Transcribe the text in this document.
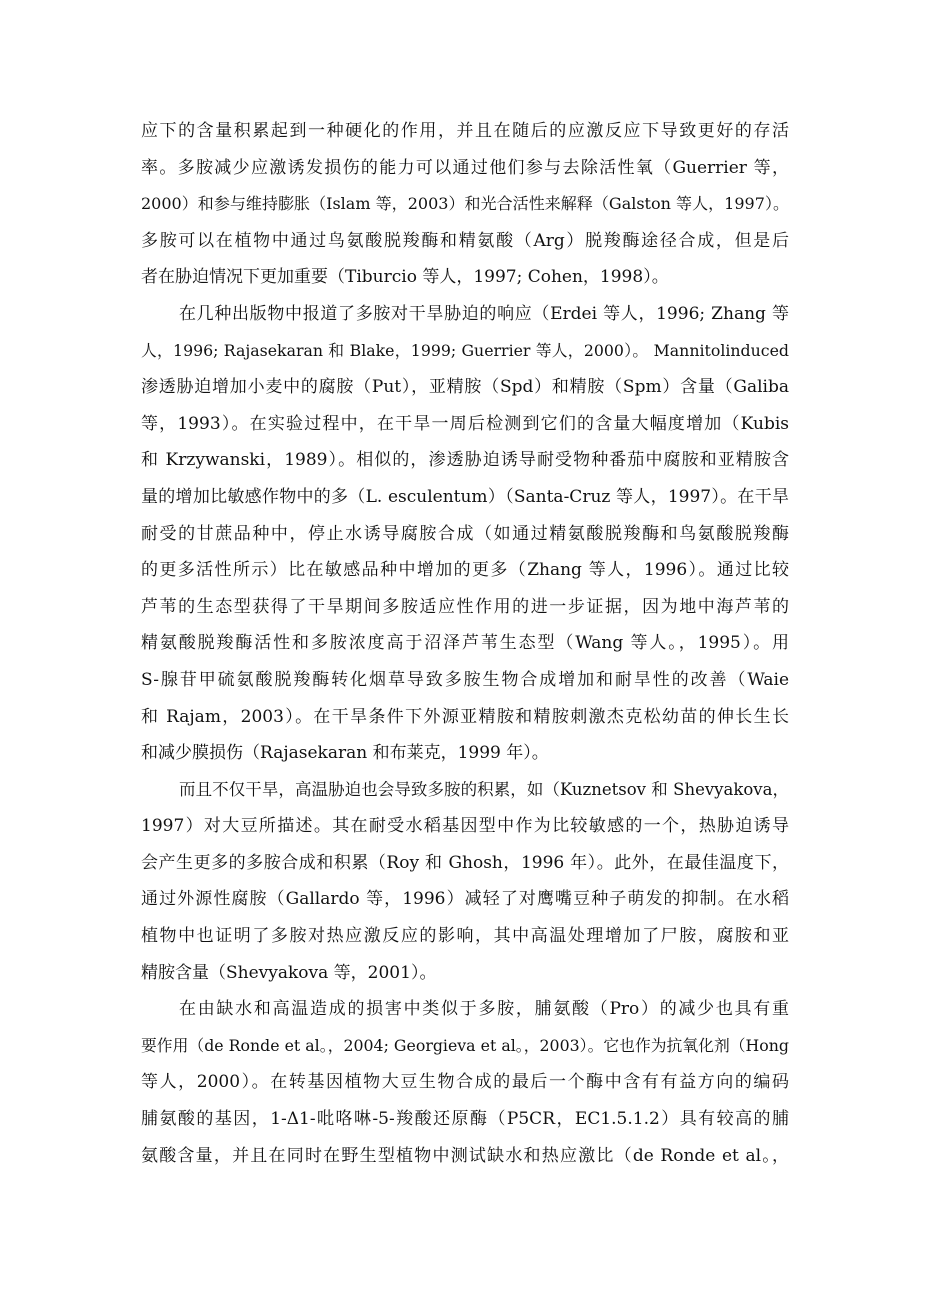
应下的含量积累起到一种硬化的作用，并且在随后的应激反应下导致更好的存活
率。多胺减少应激诱发损伤的能力可以通过他们参与去除活性氧（Guerrier 等，
2000）和参与维持膨胀（Islam 等，2003）和光合活性来解释（Galston 等人，1997）。
多胺可以在植物中通过鸟氨酸脱羧酶和精氨酸（Arg）脱羧酶途径合成，但是后
者在胁迫情况下更加重要（Tiburcio 等人，1997; Cohen，1998）。
在几种出版物中报道了多胺对干旱胁迫的响应（Erdei 等人，1996; Zhang 等
人，1996; Rajasekaran 和 Blake，1999; Guerrier 等人，2000）。 Mannitolinduced
渗透胁迫增加小麦中的腐胺（Put），亚精胺（Spd）和精胺（Spm）含量（Galiba
等，1993）。在实验过程中，在干旱一周后检测到它们的含量大幅度增加（Kubis
和 Krzywanski，1989）。相似的，渗透胁迫诱导耐受物种番茄中腐胺和亚精胺含
量的增加比敏感作物中的多（L. esculentum）（Santa-Cruz 等人，1997）。在干旱
耐受的甘蔗品种中，停止水诱导腐胺合成（如通过精氨酸脱羧酶和鸟氨酸脱羧酶
的更多活性所示）比在敏感品种中增加的更多（Zhang 等人，1996）。通过比较
芦苇的生态型获得了干旱期间多胺适应性作用的进一步证据，因为地中海芦苇的
精氨酸脱羧酶活性和多胺浓度高于沼泽芦苇生态型（Wang 等人。，1995）。用
S-腺苷甲硫氨酸脱羧酶转化烟草导致多胺生物合成增加和耐旱性的改善（Waie
和 Rajam，2003）。在干旱条件下外源亚精胺和精胺刺激杰克松幼苗的伸长生长
和减少膜损伤（Rajasekaran 和布莱克，1999 年）。
而且不仅干旱，高温胁迫也会导致多胺的积累，如（Kuznetsov 和 Shevyakova，
1997）对大豆所描述。其在耐受水稻基因型中作为比较敏感的一个，热胁迫诱导
会产生更多的多胺合成和积累（Roy 和 Ghosh，1996 年）。此外，在最佳温度下，
通过外源性腐胺（Gallardo 等，1996）减轻了对鹰嘴豆种子萌发的抑制。在水稻
植物中也证明了多胺对热应激反应的影响，其中高温处理增加了尸胺，腐胺和亚
精胺含量（Shevyakova 等，2001）。
在由缺水和高温造成的损害中类似于多胺，脯氨酸（Pro）的减少也具有重
要作用（de Ronde et al。，2004; Georgieva et al。，2003）。它也作为抗氧化剂（Hong
等人，2000）。在转基因植物大豆生物合成的最后一个酶中含有有益方向的编码
脯氨酸的基因，1-Δ1-吡咯啉-5-羧酸还原酶（P5CR，EC1.5.1.2）具有较高的脯
氨酸含量，并且在同时在野生型植物中测试缺水和热应激比（de Ronde et al。，
